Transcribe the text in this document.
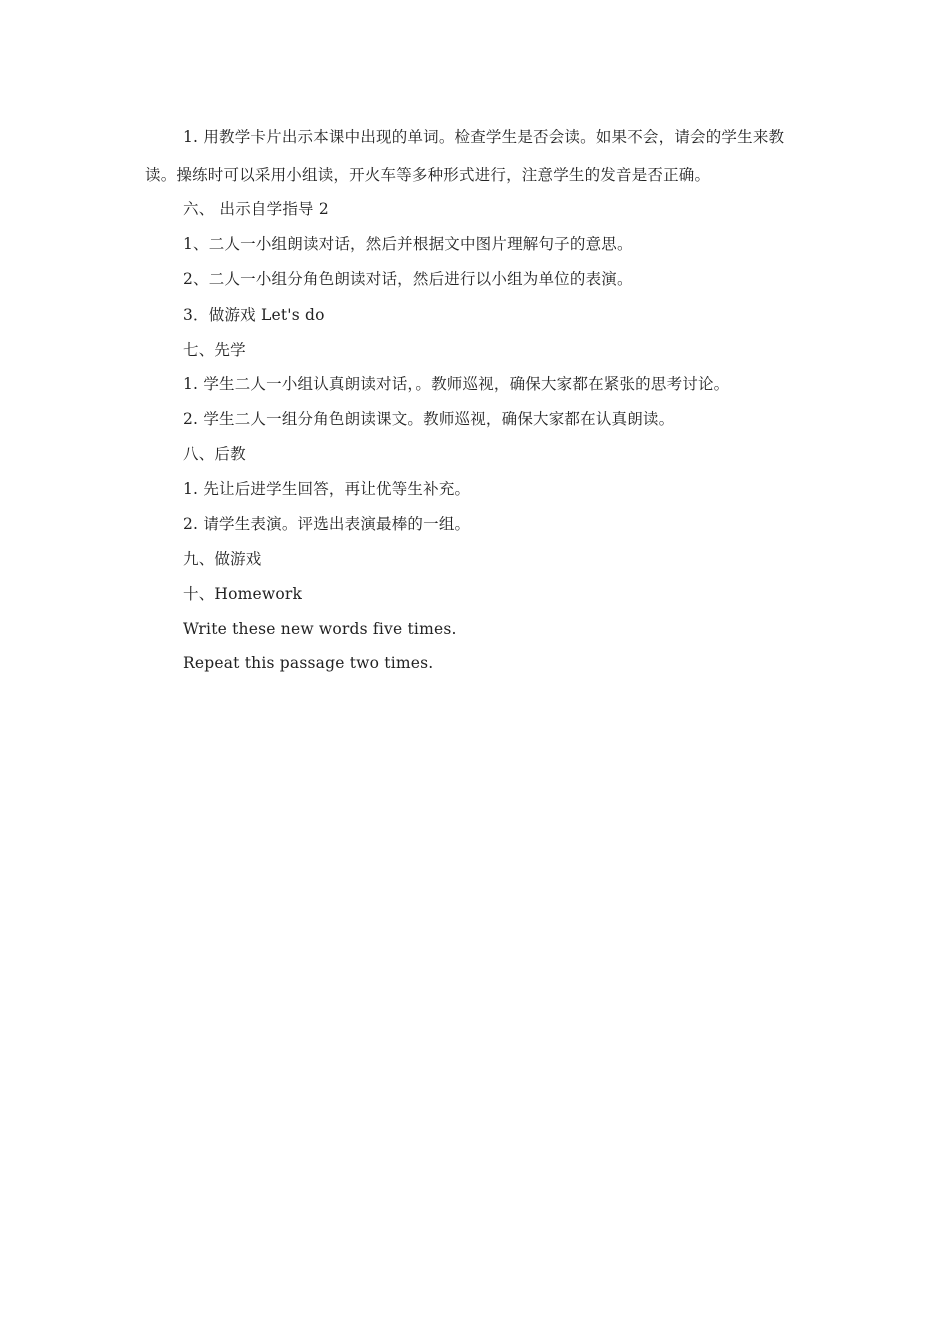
1. 用教学卡片出示本课中出现的单词。检查学生是否会读。如果不会，请会的学生来教读。操练时可以采用小组读，开火车等多种形式进行，注意学生的发音是否正确。

六、 出示自学指导 2

1、二人一小组朗读对话，然后并根据文中图片理解句子的意思。

2、二人一小组分角色朗读对话，然后进行以小组为单位的表演。

3．做游戏 Let's do

七、先学

1. 学生二人一小组认真朗读对话，。教师巡视，确保大家都在紧张的思考讨论。

2. 学生二人一组分角色朗读课文。教师巡视，确保大家都在认真朗读。

八、后教

1. 先让后进学生回答，再让优等生补充。

2. 请学生表演。评选出表演最棒的一组。

九、做游戏

十、Homework

Write these new words five times.

Repeat this passage two times.
